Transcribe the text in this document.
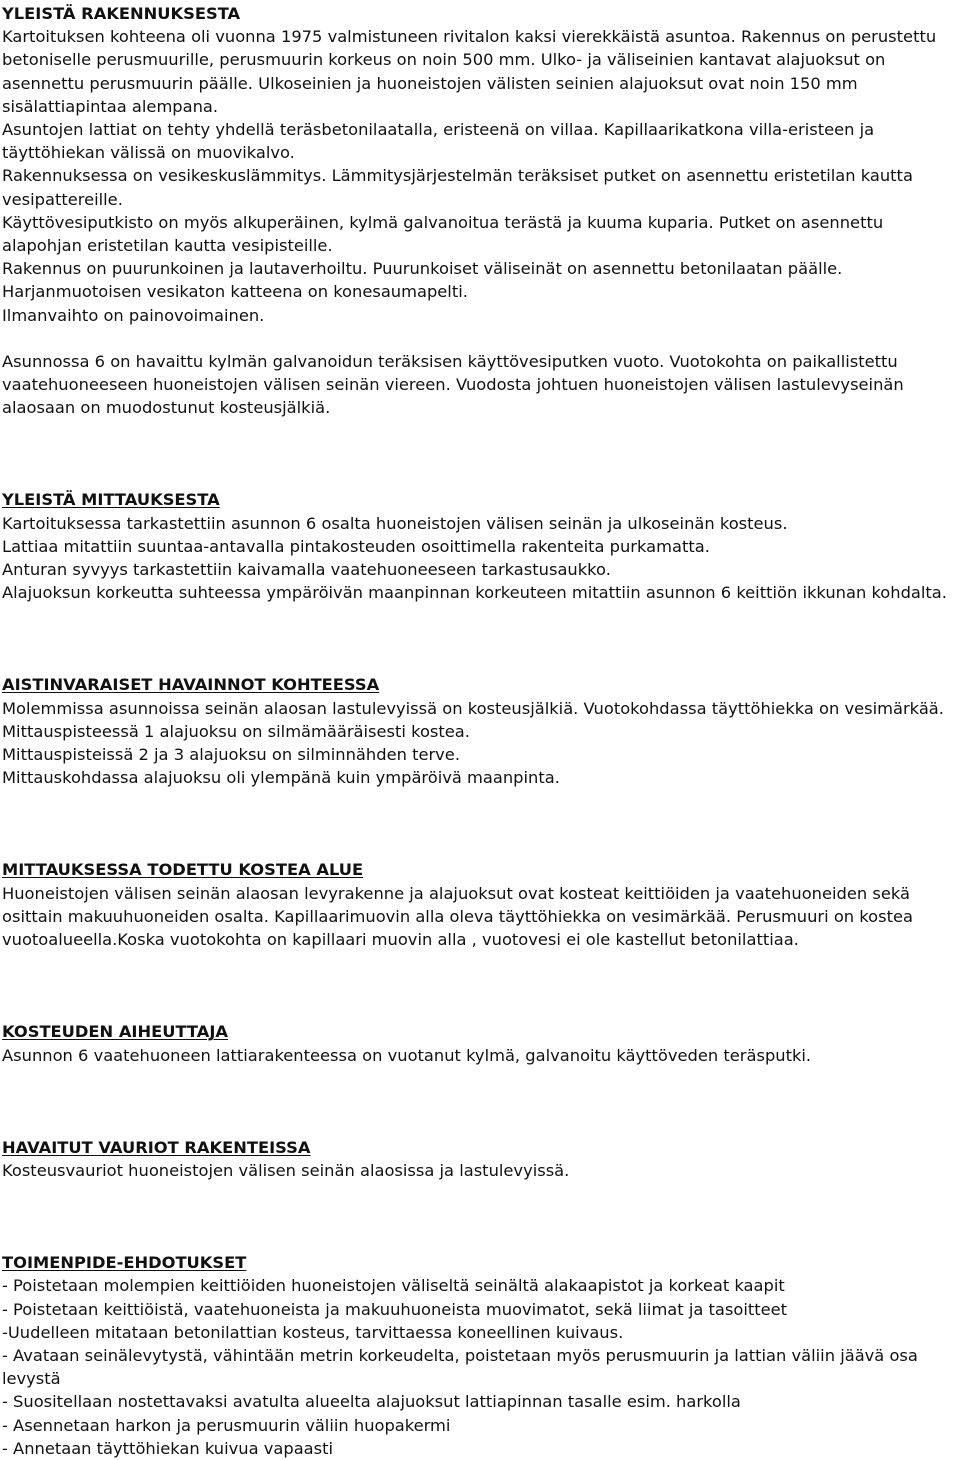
YLEISTÄ RAKENNUKSESTA

Kartoituksen kohteena oli vuonna 1975 valmistuneen rivitalon kaksi vierekkäistä asuntoa. Rakennus on perustettu betoniselle perusmuurille, perusmuurin korkeus on noin 500 mm. Ulko- ja väliseinien kantavat alajuoksut on asennettu perusmuurin päälle. Ulkoseinien ja huoneistojen välisten seinien alajuoksut ovat noin 150 mm sisälattiapintaa alempana.

Asuntojen lattiat on tehty yhdellä teräsbetonilaatalla, eristeenä on villaa. Kapillaarikatkona villa-eristeen ja täyttöhiekan välissä on muovikalvo.

Rakennuksessa on vesikeskuslämmitys. Lämmitysjärjestelmän teräksiset putket on asennettu eristetilan kautta vesipattereille.

Käyttövesiputkisto on myös alkuperäinen, kylmä galvanoitua terästä ja kuuma kuparia. Putket on asennettu alapohjan eristetilan kautta vesipisteille.

Rakennus on puurunkoinen ja lautaverhoiltu. Puurunkoiset väliseinät on asennettu betonilaatan päälle. Harjanmuotoisen vesikaton katteena on konesaumapelti.

Ilmanvaihto on painovoimainen.

Asunnossa 6 on havaittu kylmän galvanoidun teräksisen käyttövesiputken vuoto. Vuotokohta on paikallistettu vaatehuoneeseen huoneistojen välisen seinän viereen. Vuodosta johtuen huoneistojen välisen lastulevyseinän alaosaan on muodostunut kosteusjälkiä.

YLEISTÄ MITTAUKSESTA

Kartoituksessa tarkastettiin asunnon 6 osalta huoneistojen välisen seinän ja ulkoseinän kosteus.

Lattiaa mitattiin suuntaa-antavalla pintakosteuden osoittimella rakenteita purkamatta.

Anturan syvyys tarkastettiin kaivamalla vaatehuoneeseen tarkastusaukko.

Alajuoksun korkeutta suhteessa ympäröivän maanpinnan korkeuteen mitattiin asunnon 6 keittiön ikkunan kohdalta.

AISTINVARAISET HAVAINNOT KOHTEESSA

Molemmissa asunnoissa seinän alaosan lastulevyissä on kosteusjälkiä. Vuotokohdassa täyttöhiekka on vesimärkää. Mittauspisteessä 1 alajuoksu on silmämääräisesti kostea.

Mittauspisteissä 2 ja 3 alajuoksu on silminnähden terve.

Mittauskohdassa alajuoksu oli ylempänä kuin ympäröivä maanpinta.

MITTAUKSESSA TODETTU KOSTEA ALUE

Huoneistojen välisen seinän alaosan levyrakenne ja alajuoksut ovat kosteat keittiöiden ja vaatehuoneiden sekä osittain makuuhuoneiden osalta. Kapillaarimuovin alla oleva täyttöhiekka on vesimärkää. Perusmuuri on kostea vuotoalueella.Koska vuotokohta on kapillaari muovin alla , vuotovesi ei ole kastellut betonilattiaa.

KOSTEUDEN AIHEUTTAJA

Asunnon 6 vaatehuoneen lattiarakenteessa on vuotanut kylmä, galvanoitu käyttöveden teräsputki.

HAVAITUT VAURIOT RAKENTEISSA

Kosteusvauriot huoneistojen välisen seinän alaosissa ja lastulevyissä.

TOIMENPIDE-EHDOTUKSET
- Poistetaan molempien keittiöiden huoneistojen väliseltä seinältä alakaapistot ja korkeat kaapit
- Poistetaan keittiöistä, vaatehuoneista ja makuuhuoneista muovimatot, sekä liimat ja tasoitteet
-Uudelleen mitataan betonilattian kosteus, tarvittaessa koneellinen kuivaus.
- Avataan seinälevytystä, vähintään metrin korkeudelta, poistetaan myös perusmuurin ja lattian väliin jäävä osa levystä
- Suositellaan nostettavaksi avatulta alueelta alajuoksut lattiapinnan tasalle esim. harkolla
- Asennetaan harkon ja perusmuurin väliin huopakermi
- Annetaan täyttöhiekan kuivua vapaasti
